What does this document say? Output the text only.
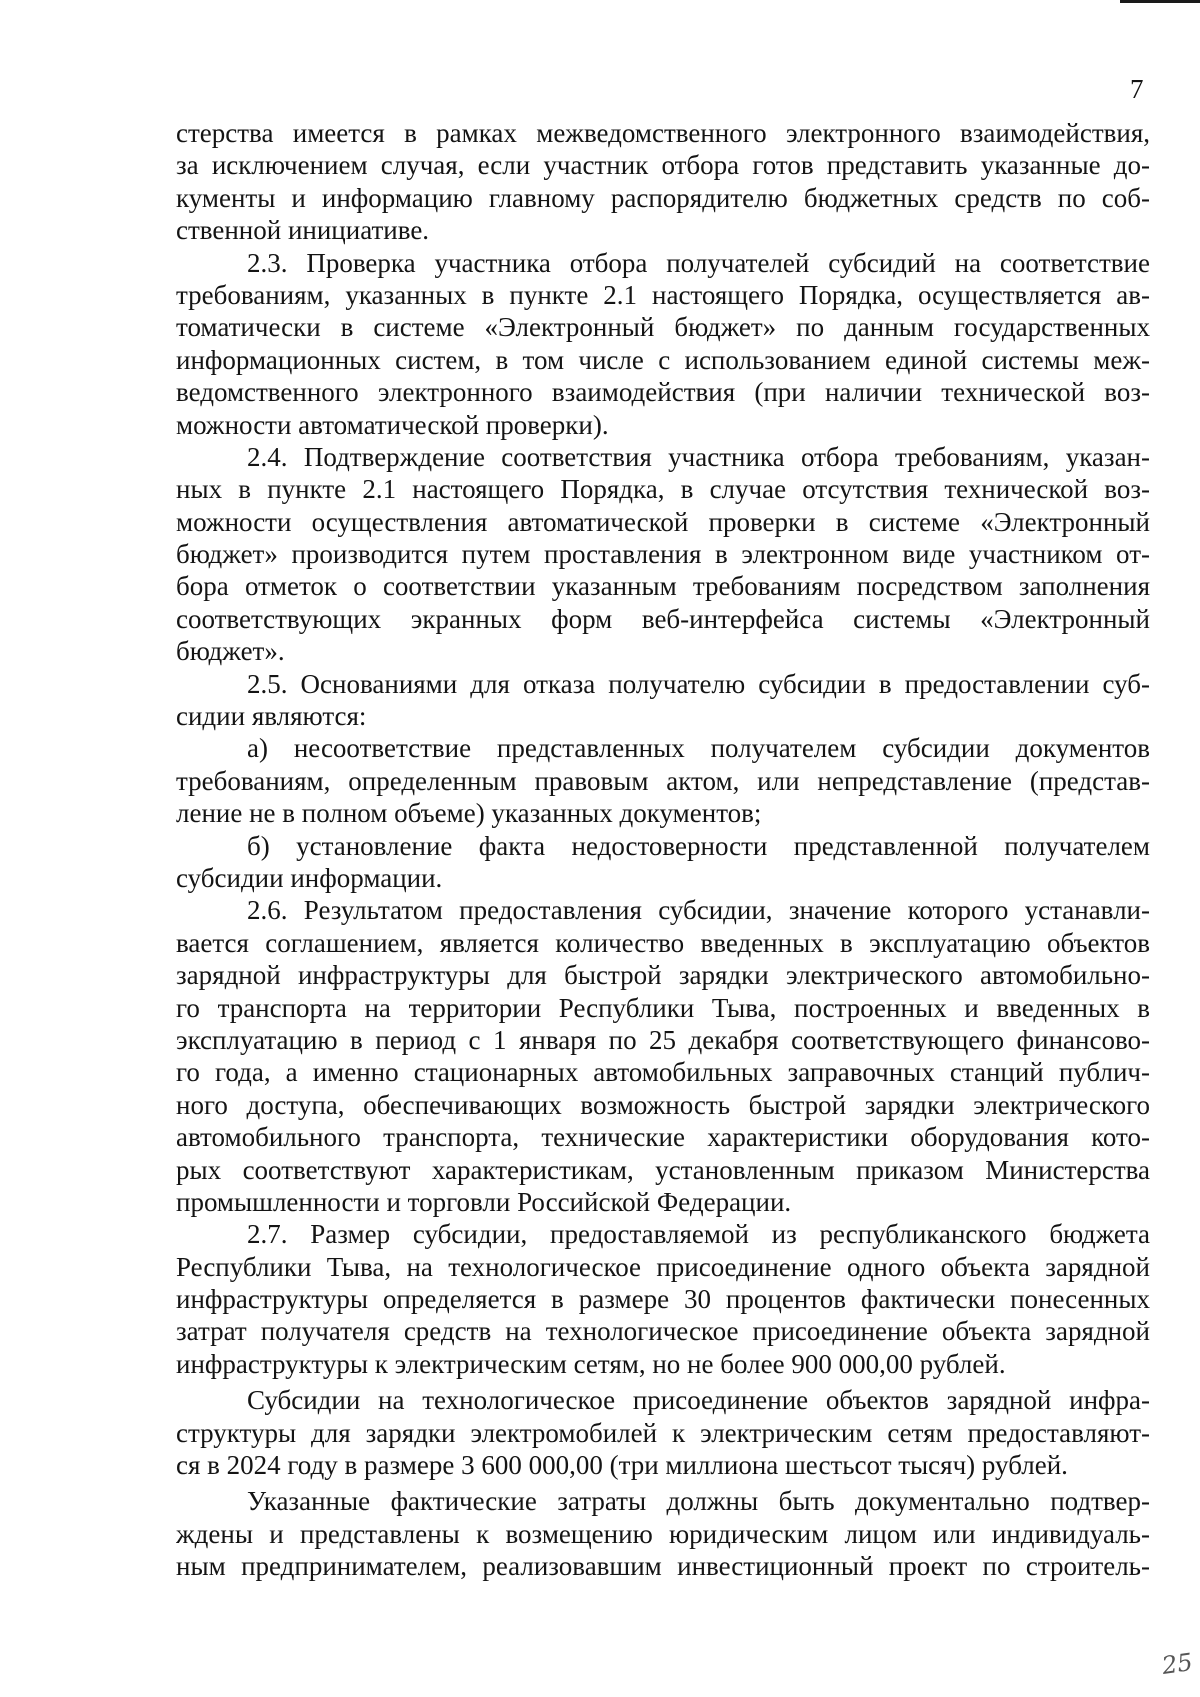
7
стерства имеется в рамках межведомственного электронного взаимодействия,
за исключением случая, если участник отбора готов представить указанные до-
кументы и информацию главному распорядителю бюджетных средств по соб-
ственной инициативе.
2.3. Проверка участника отбора получателей субсидий на соответствие
требованиям, указанных в пункте 2.1 настоящего Порядка, осуществляется ав-
томатически в системе «Электронный бюджет» по данным государственных
информационных систем, в том числе с использованием единой системы меж-
ведомственного электронного взаимодействия (при наличии технической воз-
можности автоматической проверки).
2.4. Подтверждение соответствия участника отбора требованиям, указан-
ных в пункте 2.1 настоящего Порядка, в случае отсутствия технической воз-
можности осуществления автоматической проверки в системе «Электронный
бюджет» производится путем проставления в электронном виде участником от-
бора отметок о соответствии указанным требованиям посредством заполнения
соответствующих экранных форм веб-интерфейса системы «Электронный
бюджет».
2.5. Основаниями для отказа получателю субсидии в предоставлении суб-
сидии являются:
а) несоответствие представленных получателем субсидии документов
требованиям, определенным правовым актом, или непредставление (представ-
ление не в полном объеме) указанных документов;
б) установление факта недостоверности представленной получателем
субсидии информации.
2.6. Результатом предоставления субсидии, значение которого устанавли-
вается соглашением, является количество введенных в эксплуатацию объектов
зарядной инфраструктуры для быстрой зарядки электрического автомобильно-
го транспорта на территории Республики Тыва, построенных и введенных в
эксплуатацию в период с 1 января по 25 декабря соответствующего финансово-
го года, а именно стационарных автомобильных заправочных станций публич-
ного доступа, обеспечивающих возможность быстрой зарядки электрического
автомобильного транспорта, технические характеристики оборудования кото-
рых соответствуют характеристикам, установленным приказом Министерства
промышленности и торговли Российской Федерации.
2.7. Размер субсидии, предоставляемой из республиканского бюджета
Республики Тыва, на технологическое присоединение одного объекта зарядной
инфраструктуры определяется в размере 30 процентов фактически понесенных
затрат получателя средств на технологическое присоединение объекта зарядной
инфраструктуры к электрическим сетям, но не более 900 000,00 рублей.
Субсидии на технологическое присоединение объектов зарядной инфра-
структуры для зарядки электромобилей к электрическим сетям предоставляют-
ся в 2024 году в размере 3 600 000,00 (три миллиона шестьсот тысяч) рублей.
Указанные фактические затраты должны быть документально подтвер-
ждены и представлены к возмещению юридическим лицом или индивидуаль-
ным предпринимателем, реализовавшим инвестиционный проект по строитель-
25
